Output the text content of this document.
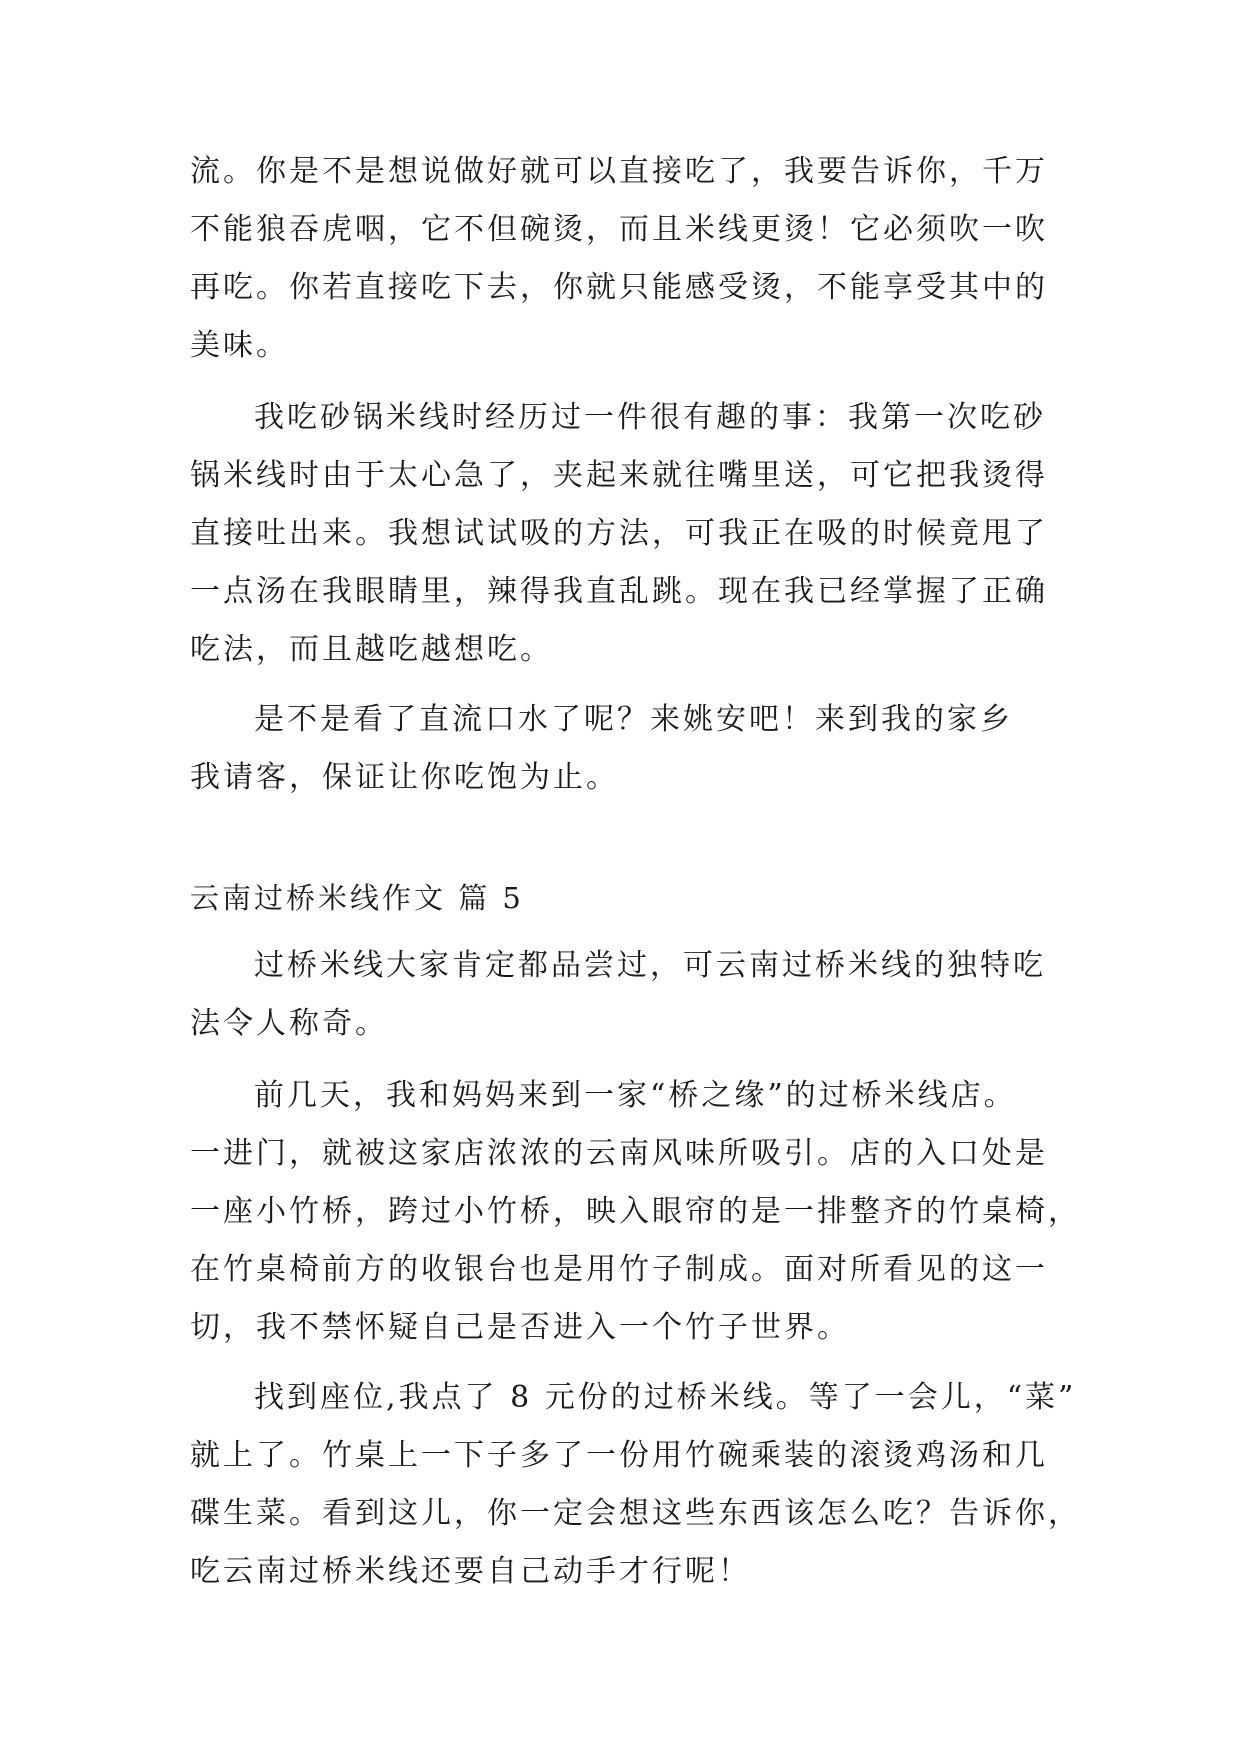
流。你是不是想说做好就可以直接吃了，我要告诉你，千万

不能狼吞虎咽，它不但碗烫，而且米线更烫！它必须吹一吹

再吃。你若直接吃下去，你就只能感受烫，不能享受其中的

美味。

我吃砂锅米线时经历过一件很有趣的事：我第一次吃砂

锅米线时由于太心急了，夹起来就往嘴里送，可它把我烫得

直接吐出来。我想试试吸的方法，可我正在吸的时候竟甩了

一点汤在我眼睛里，辣得我直乱跳。现在我已经掌握了正确

吃法，而且越吃越想吃。

是不是看了直流口水了呢？来姚安吧！来到我的家乡

我请客，保证让你吃饱为止。

云南过桥米线作文 篇 5

过桥米线大家肯定都品尝过，可云南过桥米线的独特吃

法令人称奇。

前几天，我和妈妈来到一家“桥之缘”的过桥米线店。

一进门，就被这家店浓浓的云南风味所吸引。店的入口处是

一座小竹桥，跨过小竹桥，映入眼帘的是一排整齐的竹桌椅，

在竹桌椅前方的收银台也是用竹子制成。面对所看见的这一

切，我不禁怀疑自己是否进入一个竹子世界。

找到座位,我点了 8 元份的过桥米线。等了一会儿，“菜”

就上了。竹桌上一下子多了一份用竹碗乘装的滚烫鸡汤和几

碟生菜。看到这儿，你一定会想这些东西该怎么吃？告诉你，

吃云南过桥米线还要自己动手才行呢！
